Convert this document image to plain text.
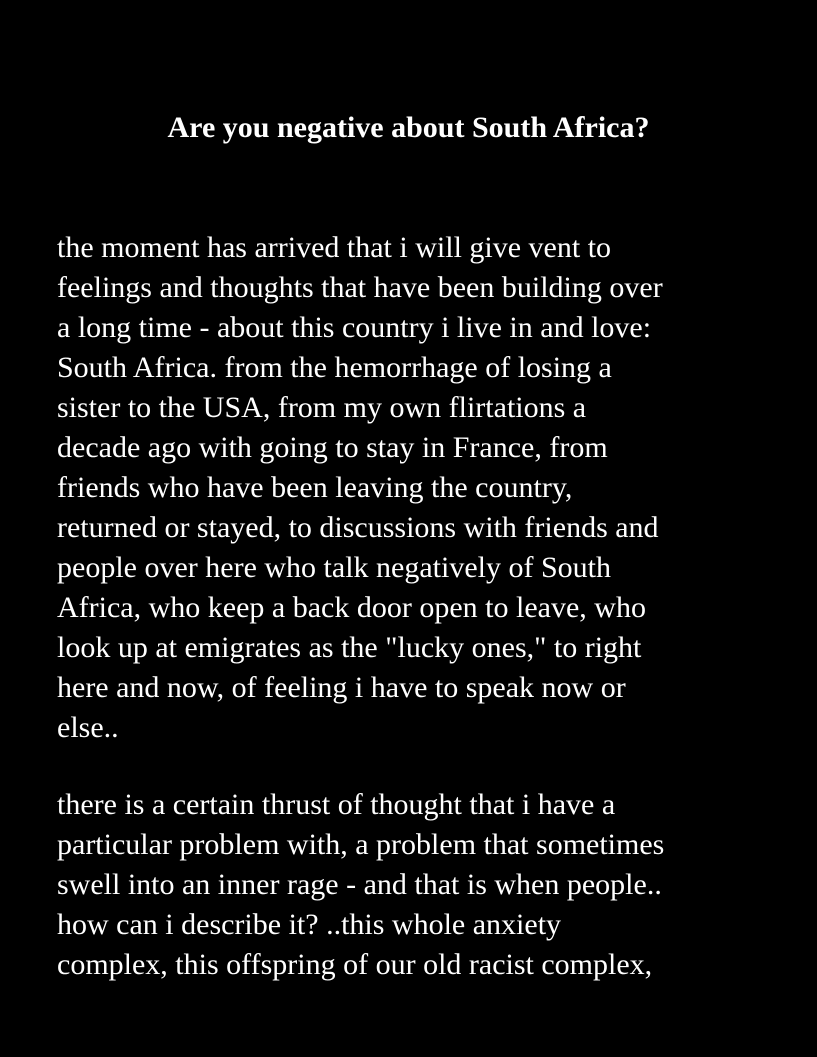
Are you negative about South Africa?
the moment has arrived that i will give vent to
feelings and thoughts that have been building over
a long time - about this country i live in and love:
South Africa. from the hemorrhage of losing a
sister to the USA, from my own flirtations a
decade ago with going to stay in France, from
friends who have been leaving the country,
returned or stayed, to discussions with friends and
people over here who talk negatively of South
Africa, who keep a back door open to leave, who
look up at emigrates as the "lucky ones," to right
here and now, of feeling i have to speak now or
else..
there is a certain thrust of thought that i have a
particular problem with, a problem that sometimes
swell into an inner rage - and that is when people..
how can i describe it? ..this whole anxiety
complex, this offspring of our old racist complex,
